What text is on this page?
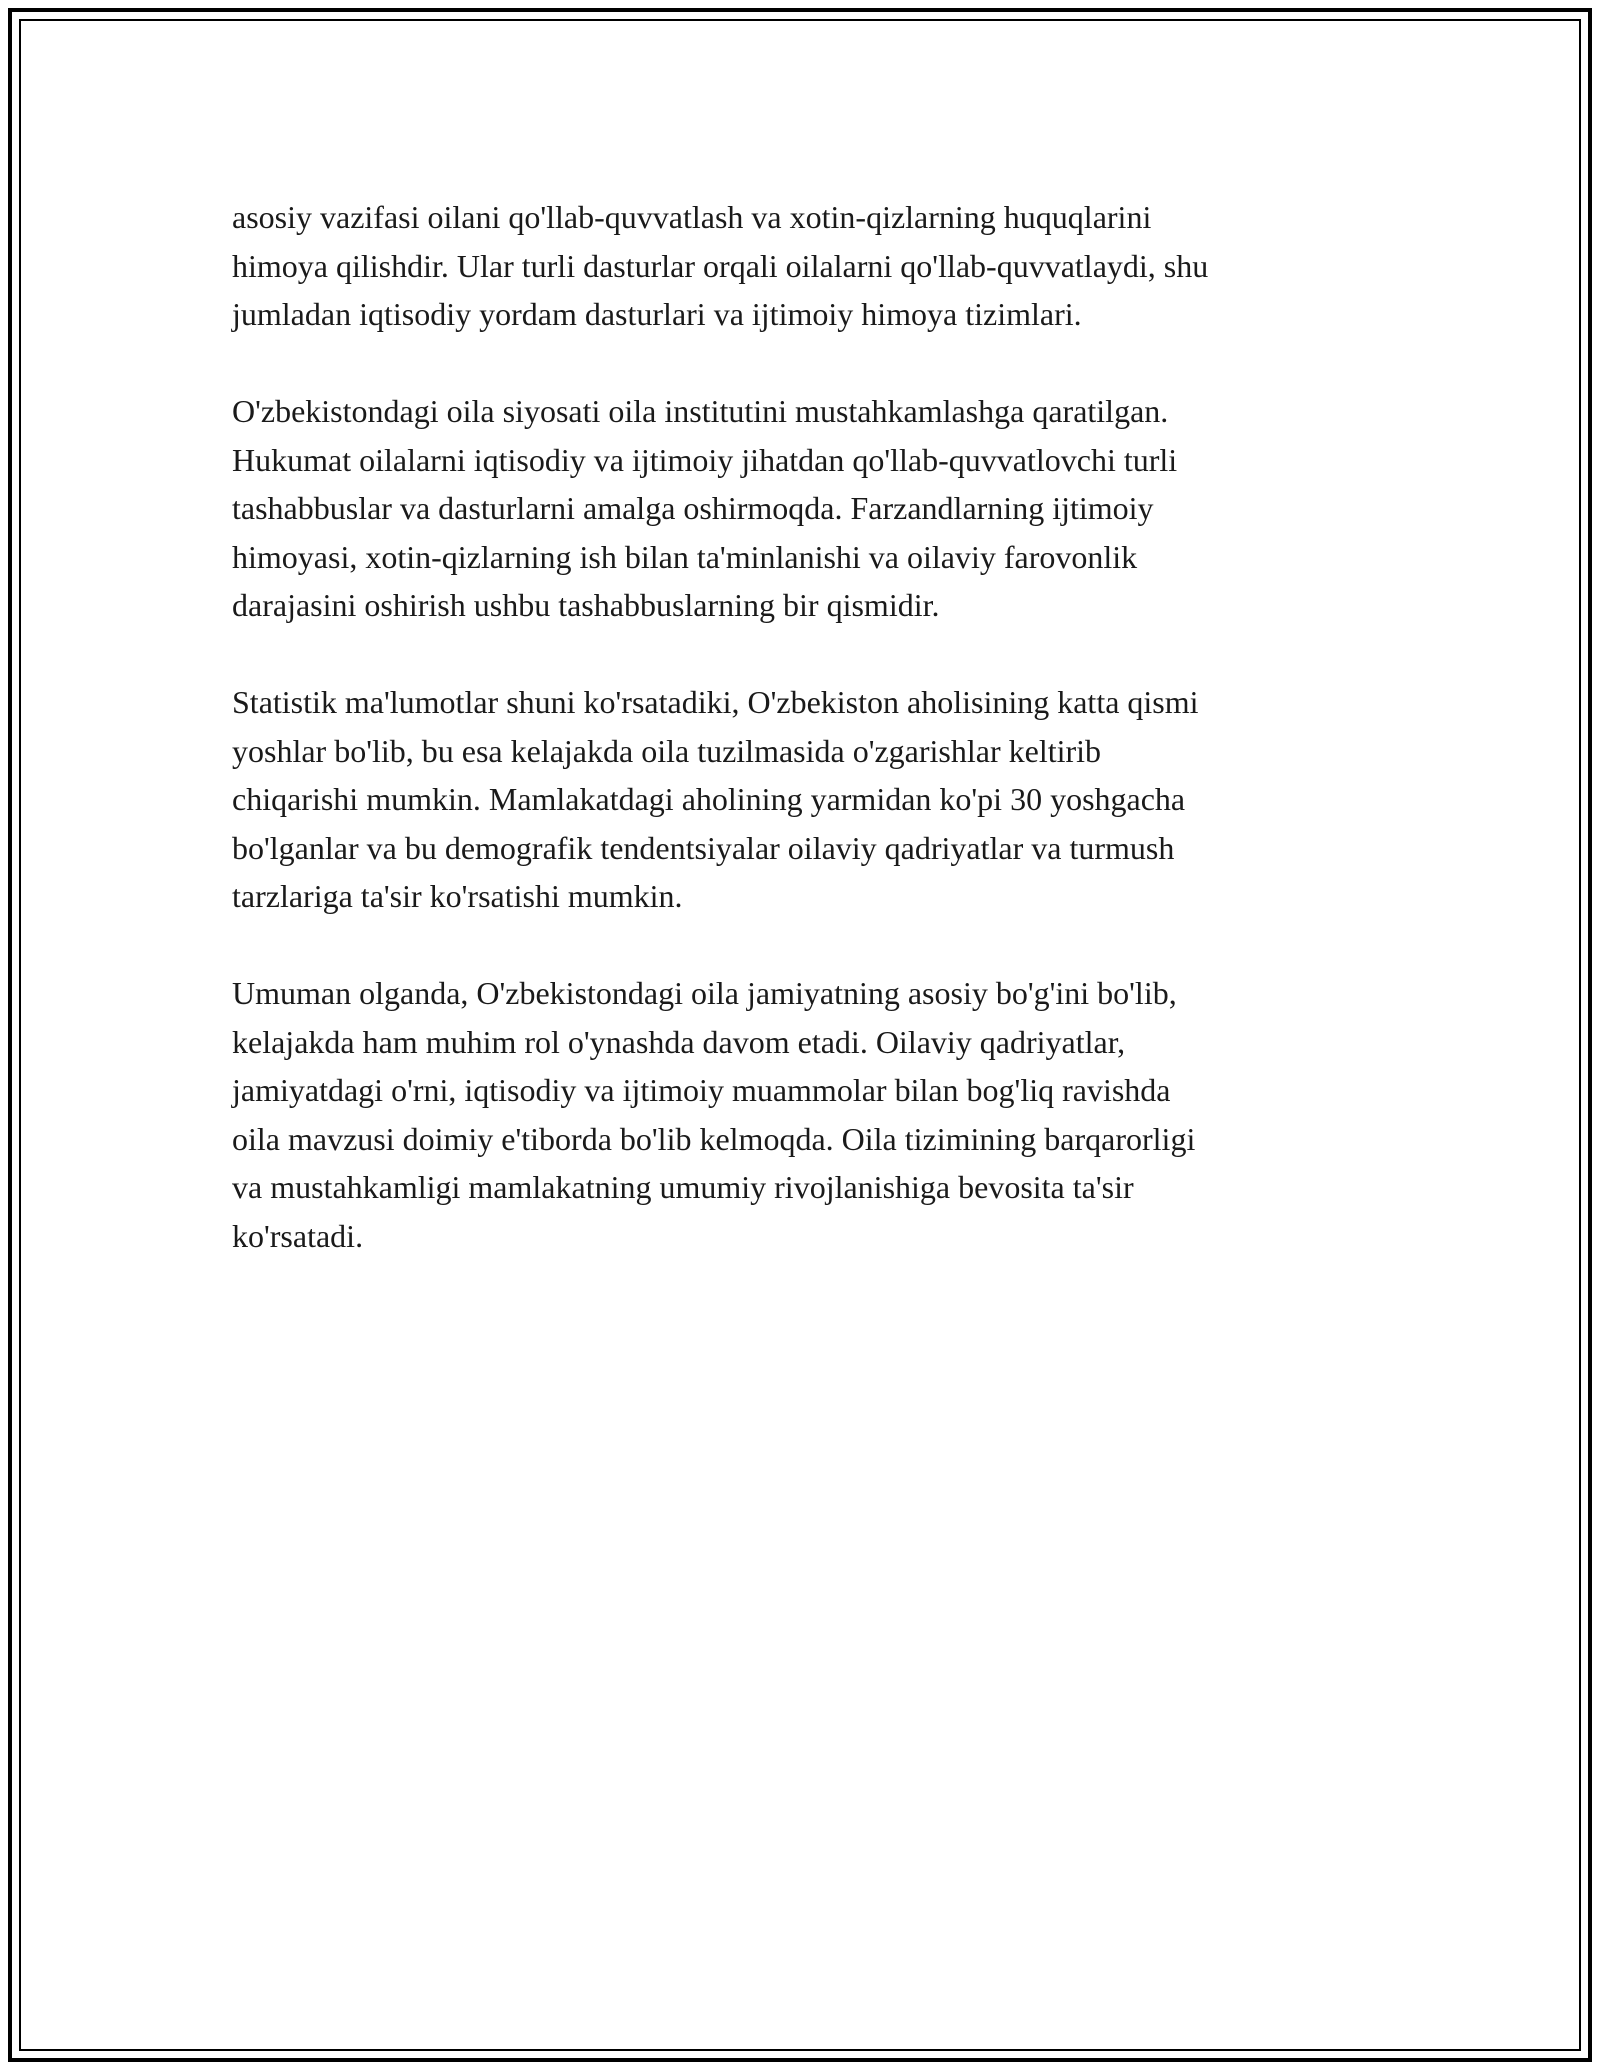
asosiy vazifasi oilani qo'llab-quvvatlash va xotin-qizlarning huquqlarini
himoya qilishdir. Ular turli dasturlar orqali oilalarni qo'llab-quvvatlaydi, shu
jumladan iqtisodiy yordam dasturlari va ijtimoiy himoya tizimlari.

O'zbekistondagi oila siyosati oila institutini mustahkamlashga qaratilgan.
Hukumat oilalarni iqtisodiy va ijtimoiy jihatdan qo'llab-quvvatlovchi turli
tashabbuslar va dasturlarni amalga oshirmoqda. Farzandlarning ijtimoiy
himoyasi, xotin-qizlarning ish bilan ta'minlanishi va oilaviy farovonlik
darajasini oshirish ushbu tashabbuslarning bir qismidir.

Statistik ma'lumotlar shuni ko'rsatadiki, O'zbekiston aholisining katta qismi
yoshlar bo'lib, bu esa kelajakda oila tuzilmasida o'zgarishlar keltirib
chiqarishi mumkin. Mamlakatdagi aholining yarmidan ko'pi 30 yoshgacha
bo'lganlar va bu demografik tendentsiyalar oilaviy qadriyatlar va turmush
tarzlariga ta'sir ko'rsatishi mumkin.

Umuman olganda, O'zbekistondagi oila jamiyatning asosiy bo'g'ini bo'lib,
kelajakda ham muhim rol o'ynashda davom etadi. Oilaviy qadriyatlar,
jamiyatdagi o'rni, iqtisodiy va ijtimoiy muammolar bilan bog'liq ravishda
oila mavzusi doimiy e'tiborda bo'lib kelmoqda. Oila tizimining barqarorligi
va mustahkamligi mamlakatning umumiy rivojlanishiga bevosita ta'sir
ko'rsatadi.
